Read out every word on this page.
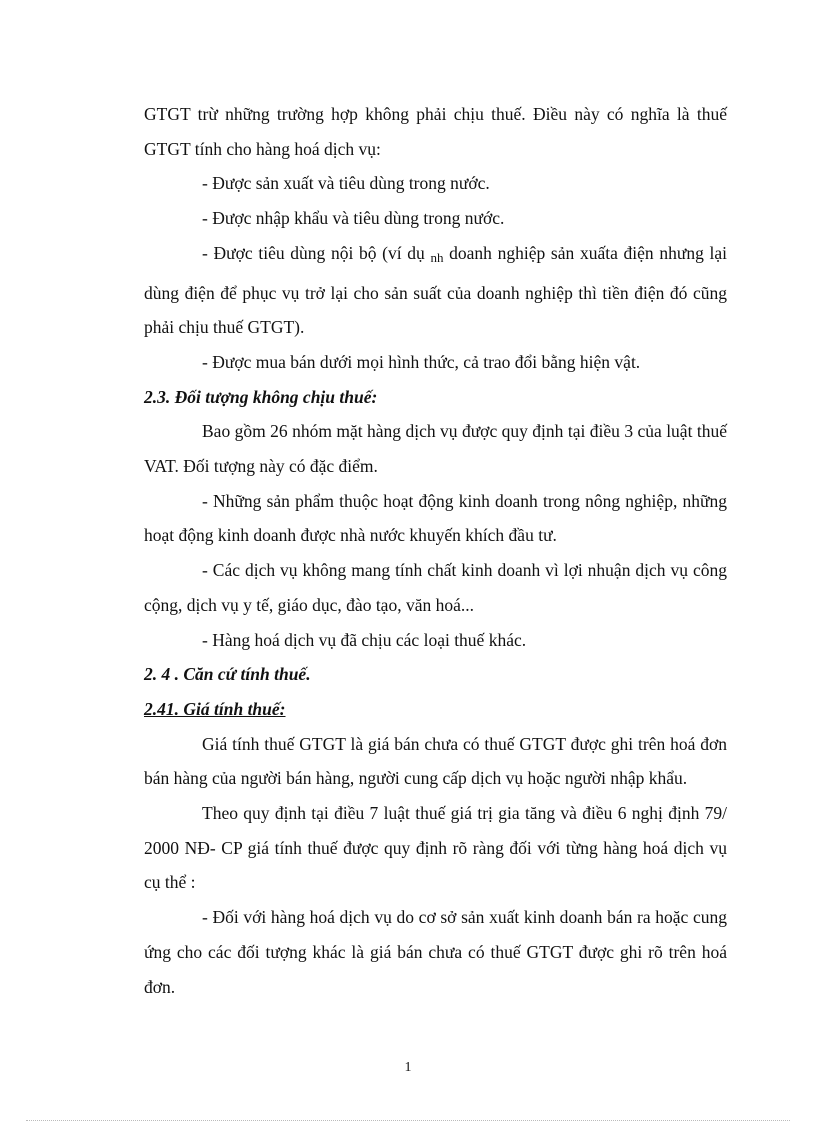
GTGT trừ những trường hợp không phải chịu thuế. Điều này có nghĩa là thuế GTGT tính cho hàng hoá dịch vụ:

- Được sản xuất và tiêu dùng trong nước.

- Được nhập khẩu và tiêu dùng trong nước.

- Được tiêu dùng nội bộ (ví dụ $_{nh}$ doanh nghiệp sản xuấta điện nhưng lại dùng điện để phục vụ trở lại cho sản suất của doanh nghiệp thì tiền điện đó cũng phải chịu thuế GTGT).

- Được mua bán dưới mọi hình thức, cả trao đổi bằng hiện vật.

2.3. Đối tượng không chịu thuế:

Bao gồm 26 nhóm mặt hàng dịch vụ được quy định tại điều 3 của luật thuế VAT. Đối tượng này có đặc điểm.

- Những sản phẩm thuộc hoạt động kinh doanh trong nông nghiệp, những hoạt động kinh doanh được nhà nước khuyến khích đầu tư.

- Các dịch vụ không mang tính chất kinh doanh vì lợi nhuận dịch vụ công cộng, dịch vụ y tế, giáo dục, đào tạo, văn hoá...

- Hàng hoá dịch vụ đã chịu các loại thuế khác.

2. 4 . Căn cứ tính thuế.

2.41. Giá tính thuế:

Giá tính thuế GTGT là giá bán chưa có thuế GTGT được ghi trên hoá đơn bán hàng của người bán hàng, người cung cấp dịch vụ hoặc người nhập khẩu.

Theo quy định tại điều 7 luật thuế giá trị gia tăng và điều 6 nghị định 79/ 2000 NĐ- CP giá tính thuế được quy định rõ ràng đối với từng hàng hoá dịch vụ cụ thể :

- Đối với hàng hoá dịch vụ do cơ sở sản xuất kinh doanh bán ra hoặc cung ứng cho các đối tượng khác là giá bán chưa có thuế GTGT được ghi rõ trên hoá đơn.

1
